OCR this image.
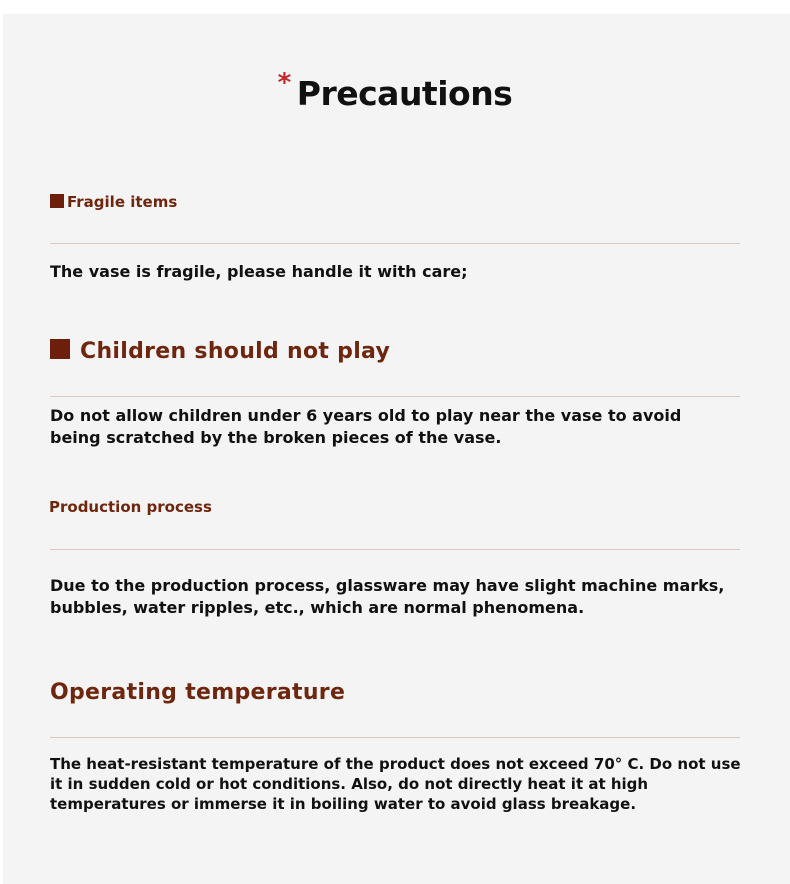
* Precautions
Fragile items
The vase is fragile, please handle it with care;
Children should not play
Do not allow children under 6 years old to play near the vase to avoid
being scratched by the broken pieces of the vase.
Production process
Due to the production process, glassware may have slight machine marks,
bubbles, water ripples, etc., which are normal phenomena.
Operating temperature
The heat-resistant temperature of the product does not exceed 70° C. Do not use
it in sudden cold or hot conditions. Also, do not directly heat it at high
temperatures or immerse it in boiling water to avoid glass breakage.
